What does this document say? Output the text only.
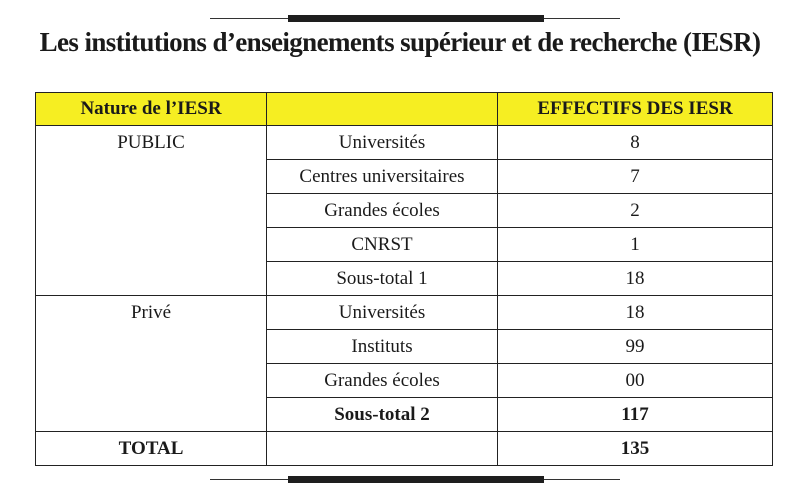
Les institutions d’enseignements supérieur et de recherche (IESR)
Nature de l’IESR		EFFECTIFS DES IESR
PUBLIC	Universités	8
	Centres universitaires	7
	Grandes écoles	2
	CNRST	1
	Sous-total 1	18
Privé	Universités	18
	Instituts	99
	Grandes écoles	00
	Sous-total 2	117
TOTAL		135
